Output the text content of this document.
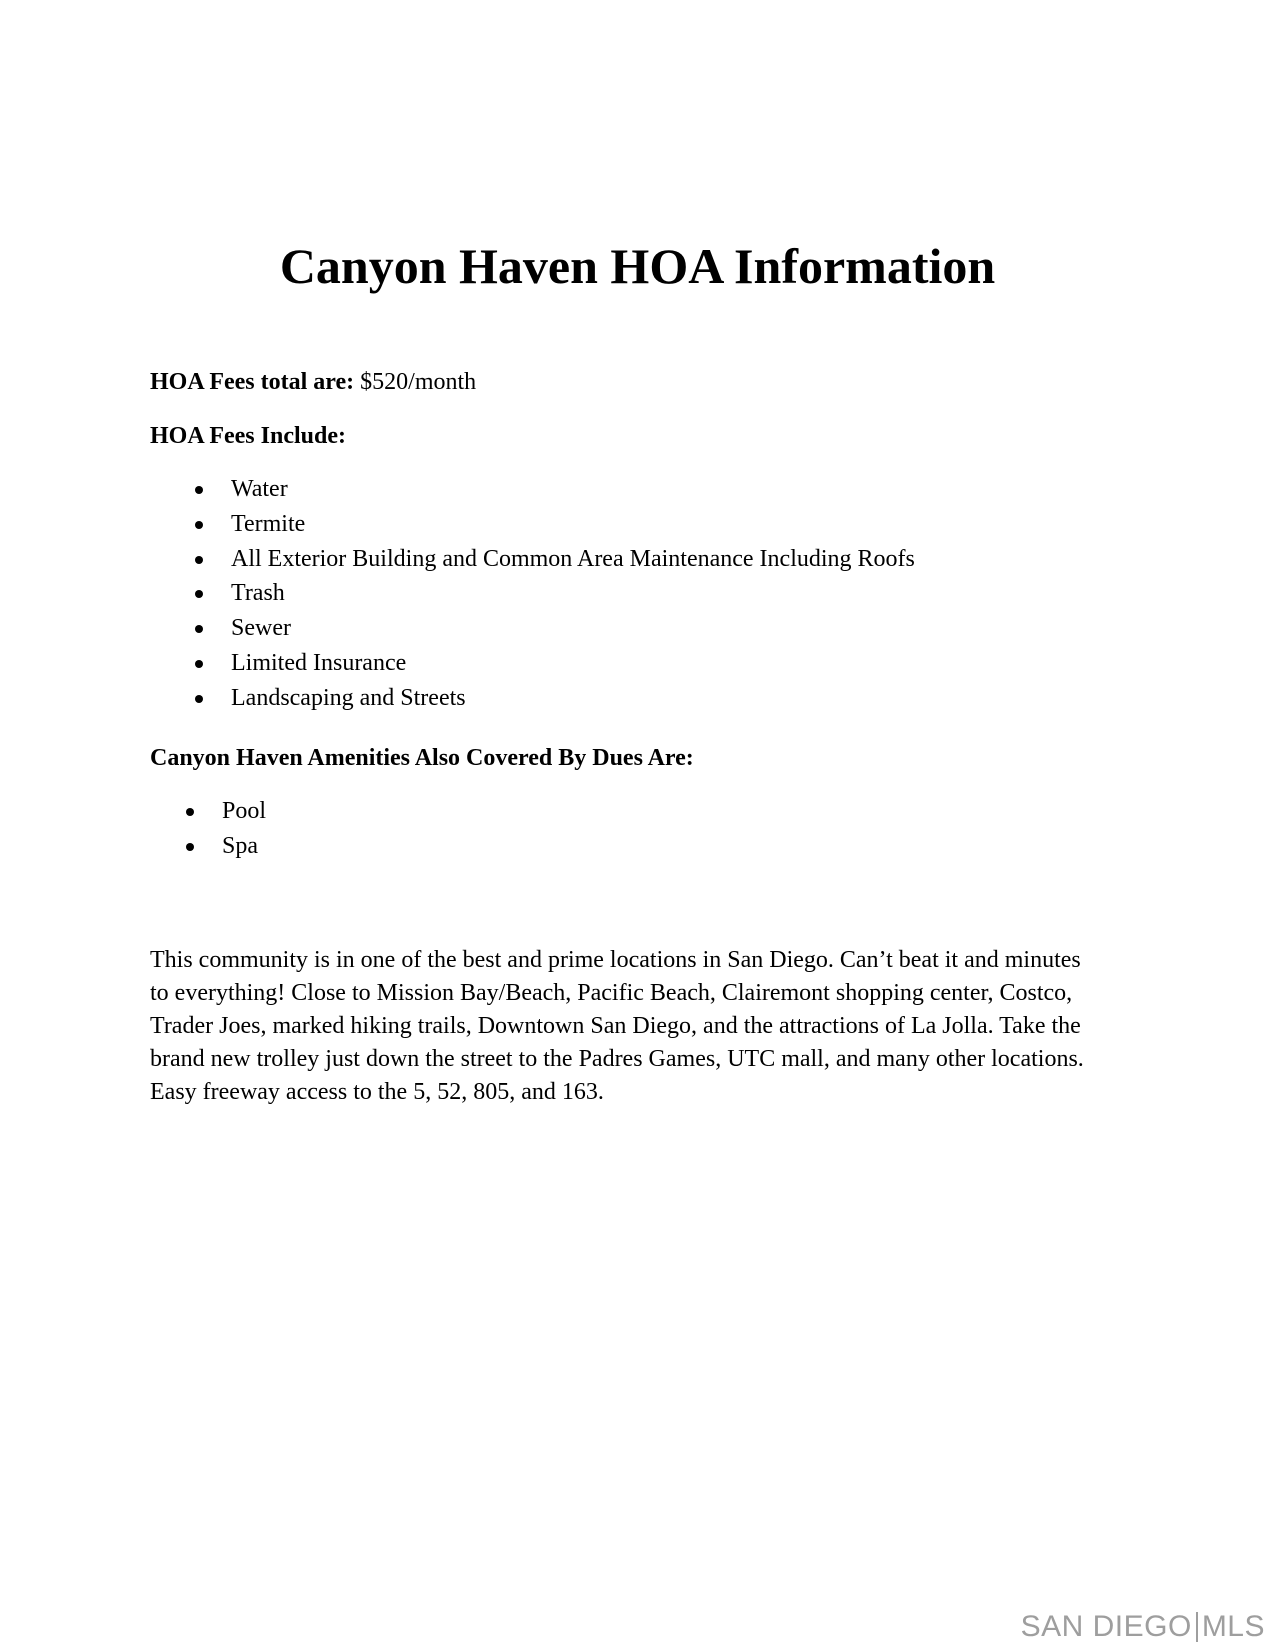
Canyon Haven HOA Information

HOA Fees total are: $520/month

HOA Fees Include:

Water
Termite
All Exterior Building and Common Area Maintenance Including Roofs
Trash
Sewer
Limited Insurance
Landscaping and Streets

Canyon Haven Amenities Also Covered By Dues Are:

Pool
Spa
This community is in one of the best and prime locations in San Diego. Can’t beat it and minutes
to everything! Close to Mission Bay/Beach, Pacific Beach, Clairemont shopping center, Costco,
Trader Joes, marked hiking trails, Downtown San Diego, and the attractions of La Jolla. Take the
brand new trolley just down the street to the Padres Games, UTC mall, and many other locations.
Easy freeway access to the 5, 52, 805, and 163.
SAN DIEGO MLS
